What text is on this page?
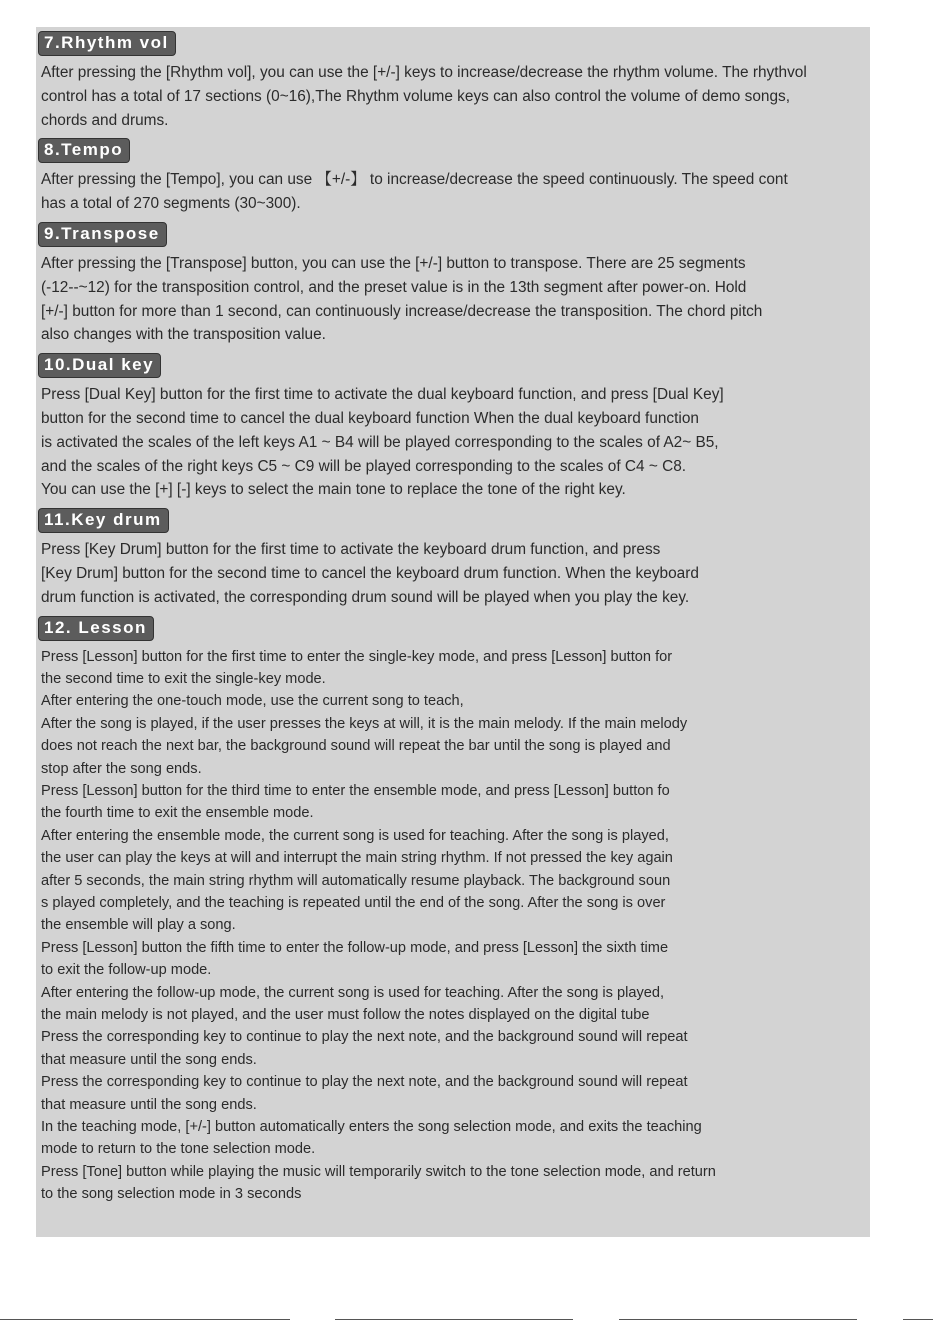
7.Rhythm vol
After pressing the [Rhythm vol], you can use the [+/-] keys to increase/decrease the rhythm volume. The rhythvol
control has a total of 17 sections (0~16),The Rhythm volume keys can also control the volume of demo songs,
chords and drums.
8.Tempo
After pressing the [Tempo], you can use 【+/-】 to increase/decrease the speed continuously. The speed cont
has a total of 270 segments (30~300).
9.Transpose
After pressing the [Transpose] button, you can use the [+/-] button to transpose. There are 25 segments
(-12--~12) for the transposition control, and the preset value is in the 13th segment after power-on. Hold
[+/-] button for more than 1 second, can continuously increase/decrease the transposition. The chord pitch
also changes with the transposition value.
10.Dual key
Press [Dual Key] button for the first time to activate the dual keyboard function, and press [Dual Key]
button for the second time to cancel the dual keyboard function When the dual keyboard function
is activated the scales of the left keys A1 ~ B4 will be played corresponding to the scales of A2~ B5,
and the scales of the right keys C5 ~ C9 will be played corresponding to the scales of C4 ~ C8.
You can use the [+] [-] keys to select the main tone to replace the tone of the right key.
11.Key drum
Press [Key Drum] button for the first time to activate the keyboard drum function, and press
[Key Drum] button for the second time to cancel the keyboard drum function. When the keyboard
drum function is activated, the corresponding drum sound will be played when you play the key.
12. Lesson
Press [Lesson] button for the first time to enter the single-key mode, and press [Lesson] button for
the second time to exit the single-key mode.
After entering the one-touch mode, use the current song to teach,
After the song is played, if the user presses the keys at will, it is the main melody. If the main melody
does not reach the next bar, the background sound will repeat the bar until the song is played and
stop after the song ends.
Press [Lesson] button for the third time to enter the ensemble mode, and press [Lesson] button fo
the fourth time to exit the ensemble mode.
After entering the ensemble mode, the current song is used for teaching. After the song is played,
the user can play the keys at will and interrupt the main string rhythm. If not pressed the key again
after 5 seconds, the main string rhythm will automatically resume playback. The background soun
s played completely, and the teaching is repeated until the end of the song. After the song is over
the ensemble will play a song.
Press [Lesson] button the fifth time to enter the follow-up mode, and press [Lesson] the sixth time
to exit the follow-up mode.
After entering the follow-up mode, the current song is used for teaching. After the song is played,
the main melody is not played, and the user must follow the notes displayed on the digital tube
Press the corresponding key to continue to play the next note, and the background sound will repeat
that measure until the song ends.
Press the corresponding key to continue to play the next note, and the background sound will repeat
that measure until the song ends.
In the teaching mode, [+/-] button automatically enters the song selection mode, and exits the teaching
mode to return to the tone selection mode.
Press [Tone] button while playing the music will temporarily switch to the tone selection mode, and return
to the song selection mode in 3 seconds
